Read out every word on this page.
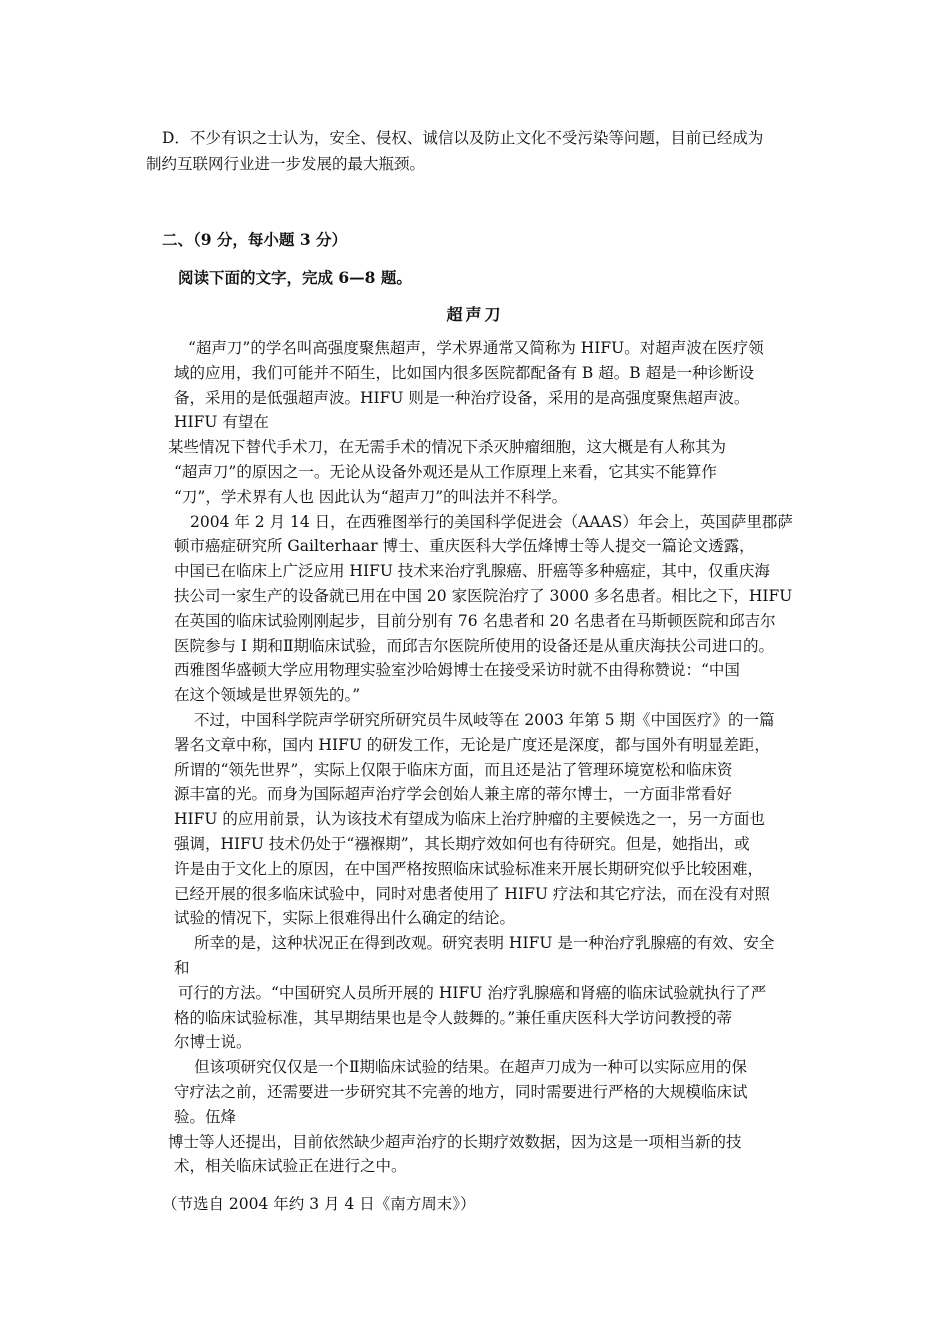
D．不少有识之士认为，安全、侵权、诚信以及防止文化不受污染等问题，目前已经成为

制约互联网行业进一步发展的最大瓶颈。

二、（9 分，每小题 3 分）

阅读下面的文字，完成 6—8 题。

超声刀
“超声刀”的学名叫高强度聚焦超声，学术界通常又简称为 HIFU。对超声波在医疗领
域的应用，我们可能并不陌生，比如国内很多医院都配备有 B 超。B 超是一种诊断设
备，采用的是低强超声波。HIFU 则是一种治疗设备，采用的是高强度聚焦超声波。
HIFU 有望在
某些情况下替代手术刀，在无需手术的情况下杀灭肿瘤细胞，这大概是有人称其为
“超声刀”的原因之一。无论从设备外观还是从工作原理上来看，它其实不能算作
“刀”，学术界有人也 因此认为“超声刀”的叫法并不科学。
2004 年 2 月 14 日，在西雅图举行的美国科学促进会（AAAS）年会上，英国萨里郡萨
顿市癌症研究所 Gailterhaar 博士、重庆医科大学伍烽博士等人提交一篇论文透露，
中国已在临床上广泛应用 HIFU 技术来治疗乳腺癌、肝癌等多种癌症，其中，仅重庆海
扶公司一家生产的设备就已用在中国 20 家医院治疗了 3000 多名患者。相比之下，HIFU
在英国的临床试验刚刚起步，目前分别有 76 名患者和 20 名患者在马斯顿医院和邱吉尔
医院参与 I 期和Ⅱ期临床试验，而邱吉尔医院所使用的设备还是从重庆海扶公司进口的。
西雅图华盛顿大学应用物理实验室沙哈姆博士在接受采访时就不由得称赞说：“中国
在这个领域是世界领先的。”
不过，中国科学院声学研究所研究员牛凤岐等在 2003 年第 5 期《中国医疗》的一篇
署名文章中称，国内 HIFU 的研发工作，无论是广度还是深度，都与国外有明显差距，
所谓的“领先世界”，实际上仅限于临床方面，而且还是沾了管理环境宽松和临床资
源丰富的光。而身为国际超声治疗学会创始人兼主席的蒂尔博士，一方面非常看好
HIFU 的应用前景，认为该技术有望成为临床上治疗肿瘤的主要候选之一，另一方面也
强调，HIFU 技术仍处于“襁褓期”，其长期疗效如何也有待研究。但是，她指出，或
许是由于文化上的原因，在中国严格按照临床试验标准来开展长期研究似乎比较困难，
已经开展的很多临床试验中，同时对患者使用了 HIFU 疗法和其它疗法，而在没有对照
试验的情况下，实际上很难得出什么确定的结论。
所幸的是，这种状况正在得到改观。研究表明 HIFU 是一种治疗乳腺癌的有效、安全
和
可行的方法。“中国研究人员所开展的 HIFU 治疗乳腺癌和肾癌的临床试验就执行了严
格的临床试验标准，其早期结果也是令人鼓舞的。”兼任重庆医科大学访问教授的蒂
尔博士说。
但该项研究仅仅是一个Ⅱ期临床试验的结果。在超声刀成为一种可以实际应用的保
守疗法之前，还需要进一步研究其不完善的地方，同时需要进行严格的大规模临床试
验。伍烽
博士等人还提出，目前依然缺少超声治疗的长期疗效数据，因为这是一项相当新的技
术，相关临床试验正在进行之中。
（节选自 2004 年约 3 月 4 日《南方周末》）
